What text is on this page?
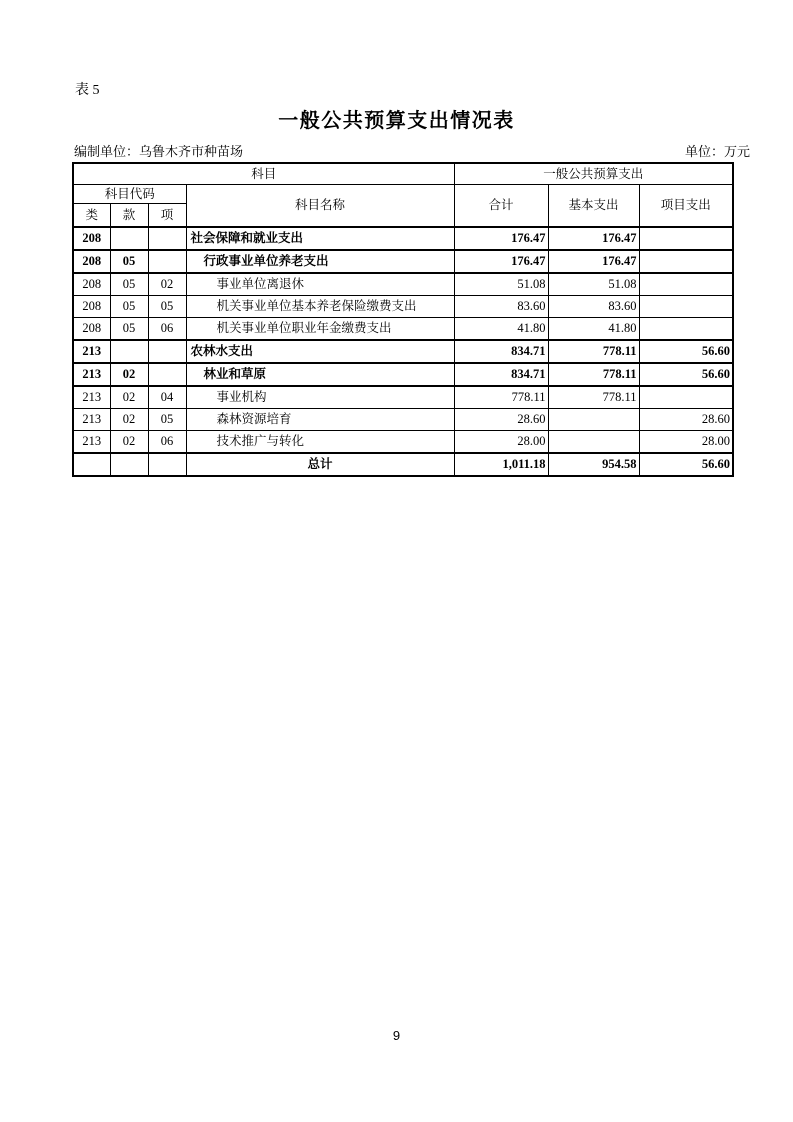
表 5
一般公共预算支出情况表
编制单位：乌鲁木齐市种苗场	单位：万元
科目				一般公共预算支出		
科目代码			科目名称	合计	基本支出	项目支出
类	款	项				
208			社会保障和就业支出	176.47	176.47	
208	05		行政事业单位养老支出	176.47	176.47	
208	05	02	事业单位离退休	51.08	51.08	
208	05	05	机关事业单位基本养老保险缴费支出	83.60	83.60	
208	05	06	机关事业单位职业年金缴费支出	41.80	41.80	
213			农林水支出	834.71	778.11	56.60
213	02		林业和草原	834.71	778.11	56.60
213	02	04	事业机构	778.11	778.11	
213	02	05	森林资源培育	28.60		28.60
213	02	06	技术推广与转化	28.00		28.00
			总计	1,011.18	954.58	56.60
9
